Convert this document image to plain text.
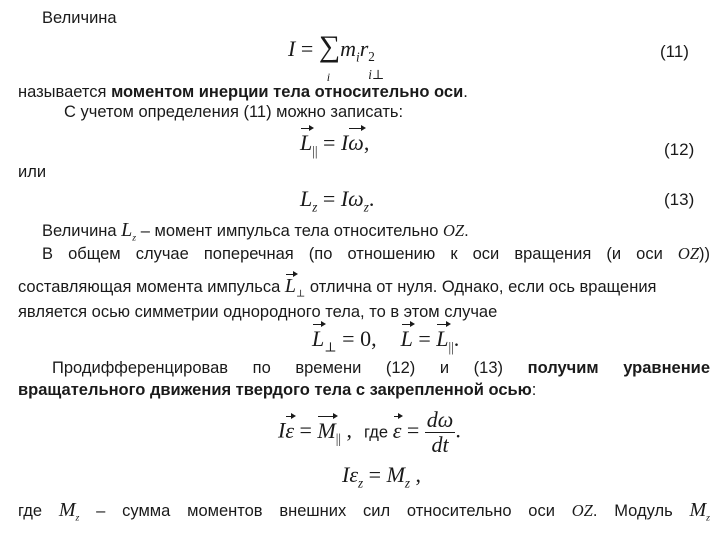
Величина
I = ∑
i
$m_ir$ 2
i⊥
(11)
называется моментом инерции тела относительно оси.
С учетом определения (11) можно записать:
$L_{||} = I\omega$,	(12)
или
$L_z = I\omega_z$.	(13)
Величина $L_z$ – момент импульса тела относительно OZ.
В общем случае поперечная (по отношению к оси вращения (и оси OZ))
составляющая момента импульса $L_\perp$ отлична от нуля. Однако, если ось вращения
является осью симметрии однородного тела, то в этом случае
$L_\perp = 0$, $L = L_{||}$.
Продифференцировав по времени (12) и (13) получим уравнение
вращательного движения твердого тела с закрепленной осью:
$I\varepsilon = M_{||}$ , где $\varepsilon = \frac{d\omega}{dt}$ .
$I\varepsilon_z = M_z$ ,
где $M_z$ – сумма моментов внешних сил относительно оси OZ. Модуль $M_z$
